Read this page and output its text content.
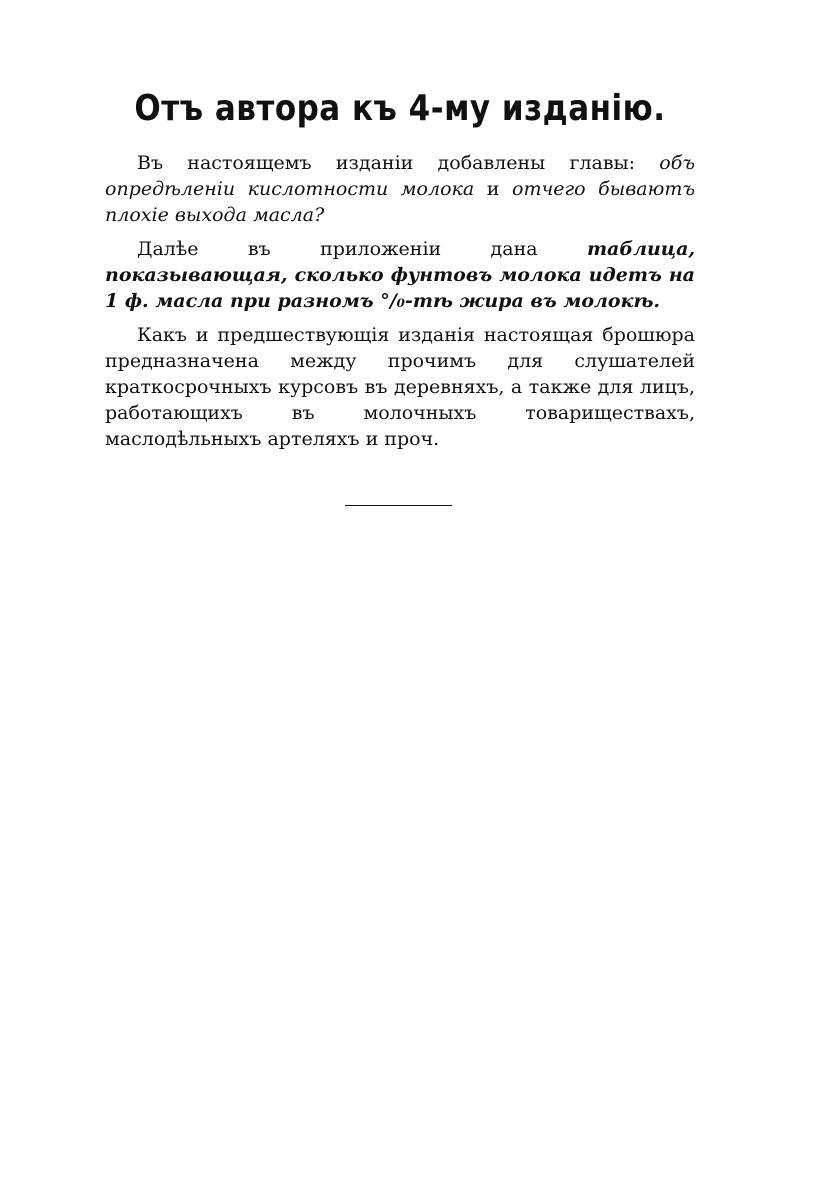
Отъ автора къ 4-му изданію.

Въ настоящемъ изданіи добавлены главы: объ опредѣленіи кислотности молока и отчего бываютъ плохіе выхода масла?

Далѣе въ приложеніи дана таблица, показывающая, сколько фунтовъ молока идетъ на 1 ф. масла при разномъ °/₀-тѣ жира въ молокѣ.

Какъ и предшествующія изданія настоящая брошюра предназначена между прочимъ для слушателей краткосрочныхъ курсовъ въ деревняхъ, а также для лицъ, работающихъ въ молочныхъ товариществахъ, маслодѣльныхъ артеляхъ и проч.
